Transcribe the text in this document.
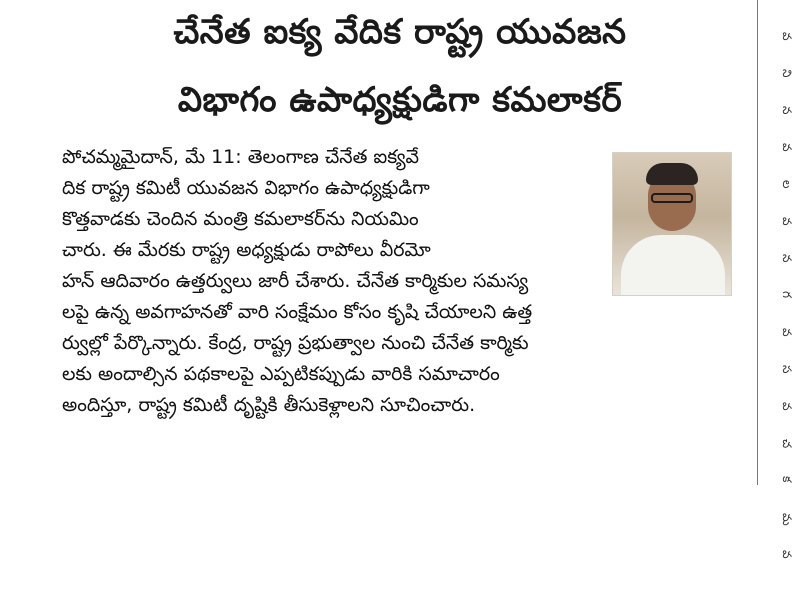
చేనేత ఐక్య వేదిక రాష్ట్ర యువజన
విభాగం ఉపాధ్యక్షుడిగా కమలాకర్
పోచమ్మమైదాన్, మే 11: తెలంగాణ చేనేత ఐక్యవే
దిక రాష్ట్ర కమిటీ యువజన విభాగం ఉపాధ్యక్షుడిగా
కొత్తవాడకు చెందిన మంత్రి కమలాకర్‌ను నియమిం
చారు. ఈ మేరకు రాష్ట్ర అధ్యక్షుడు రాపోలు వీరమో
హన్ ఆదివారం ఉత్తర్వులు జారీ చేశారు. చేనేత కార్మికుల సమస్య
లపై ఉన్న అవగాహనతో వారి సంక్షేమం కోసం కృషి చేయాలని ఉత్త
ర్వుల్లో పేర్కొన్నారు. కేంద్ర, రాష్ట్ర ప్రభుత్వాల నుంచి చేనేత కార్మికు
లకు అందాల్సిన పథకాలపై ఎప్పటికప్పుడు వారికి సమాచారం
అందిస్తూ, రాష్ట్ర కమిటీ దృష్టికి తీసుకెళ్లాలని సూచించారు.
వ
ని
న
వ
ల
వ
న
గ
వ
స
వ
చ
క
మ
వ
